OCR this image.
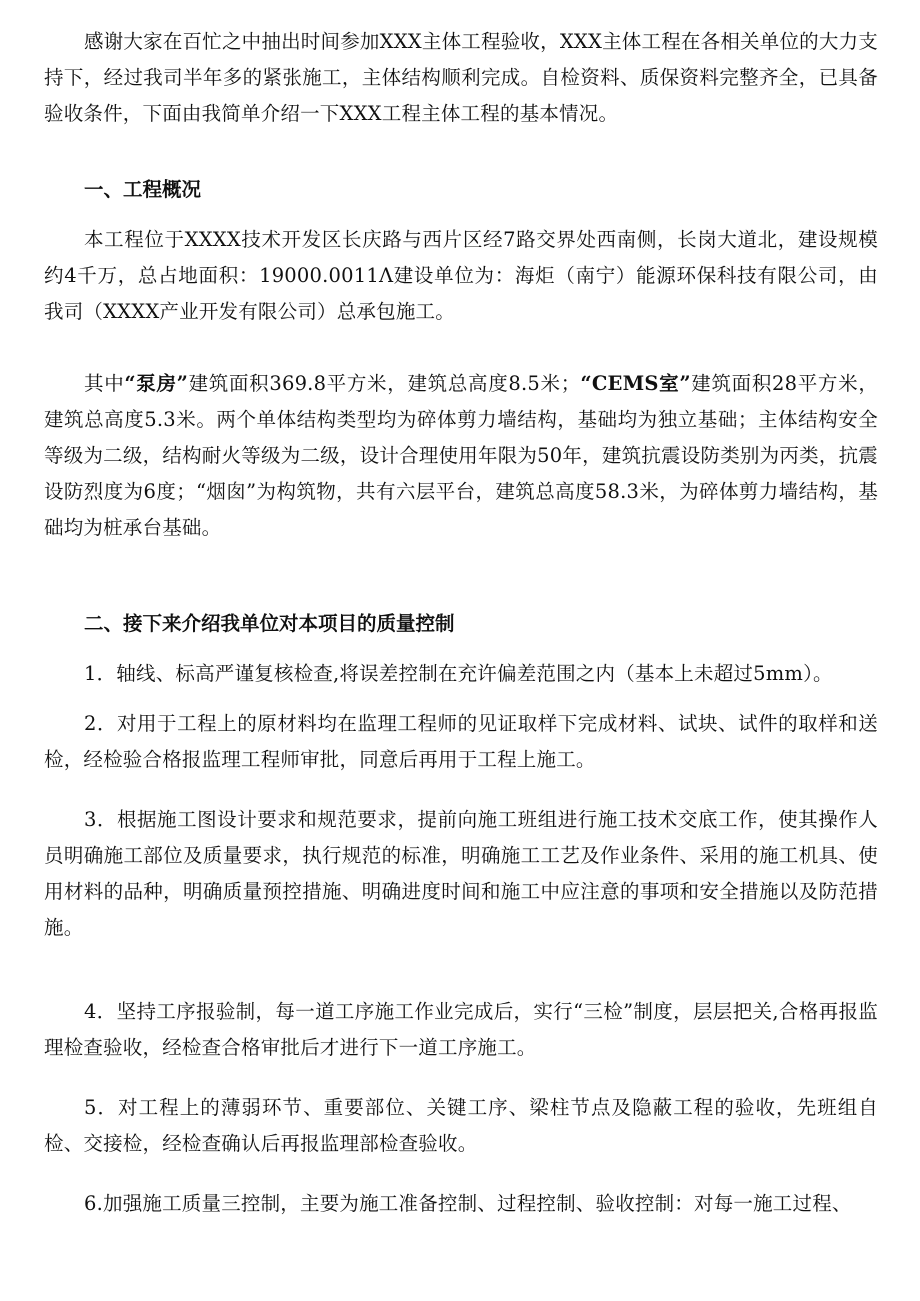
感谢大家在百忙之中抽出时间参加XXX主体工程验收，XXX主体工程在各相关单位的大力支持下，经过我司半年多的紧张施工，主体结构顺利完成。自检资料、质保资料完整齐全，已具备验收条件，下面由我简单介绍一下XXX工程主体工程的基本情况。

一、工程概况

本工程位于XXXX技术开发区长庆路与西片区经7路交界处西南侧，长岗大道北，建设规模约4千万，总占地面积：19000.0011Λ建设单位为：海炬（南宁）能源环保科技有限公司，由我司（XXXX产业开发有限公司）总承包施工。

其中“泵房”建筑面积369.8平方米，建筑总高度8.5米；“CEMS室”建筑面积28平方米，建筑总高度5.3米。两个单体结构类型均为碎体剪力墙结构，基础均为独立基础；主体结构安全等级为二级，结构耐火等级为二级，设计合理使用年限为50年，建筑抗震设防类别为丙类，抗震设防烈度为6度；“烟囱”为构筑物，共有六层平台，建筑总高度58.3米，为碎体剪力墙结构，基础均为桩承台基础。

二、接下来介绍我单位对本项目的质量控制

1．轴线、标高严谨复核检查,将误差控制在充许偏差范围之内（基本上未超过5mm）。

2．对用于工程上的原材料均在监理工程师的见证取样下完成材料、试块、试件的取样和送检，经检验合格报监理工程师审批，同意后再用于工程上施工。

3．根据施工图设计要求和规范要求，提前向施工班组进行施工技术交底工作，使其操作人员明确施工部位及质量要求，执行规范的标准，明确施工工艺及作业条件、采用的施工机具、使用材料的品种，明确质量预控措施、明确进度时间和施工中应注意的事项和安全措施以及防范措施。

4．坚持工序报验制，每一道工序施工作业完成后，实行“三检”制度，层层把关,合格再报监理检查验收，经检查合格审批后才进行下一道工序施工。

5．对工程上的薄弱环节、重要部位、关键工序、梁柱节点及隐蔽工程的验收，先班组自检、交接检，经检查确认后再报监理部检查验收。

6.加强施工质量三控制，主要为施工准备控制、过程控制、验收控制：对每一施工过程、
